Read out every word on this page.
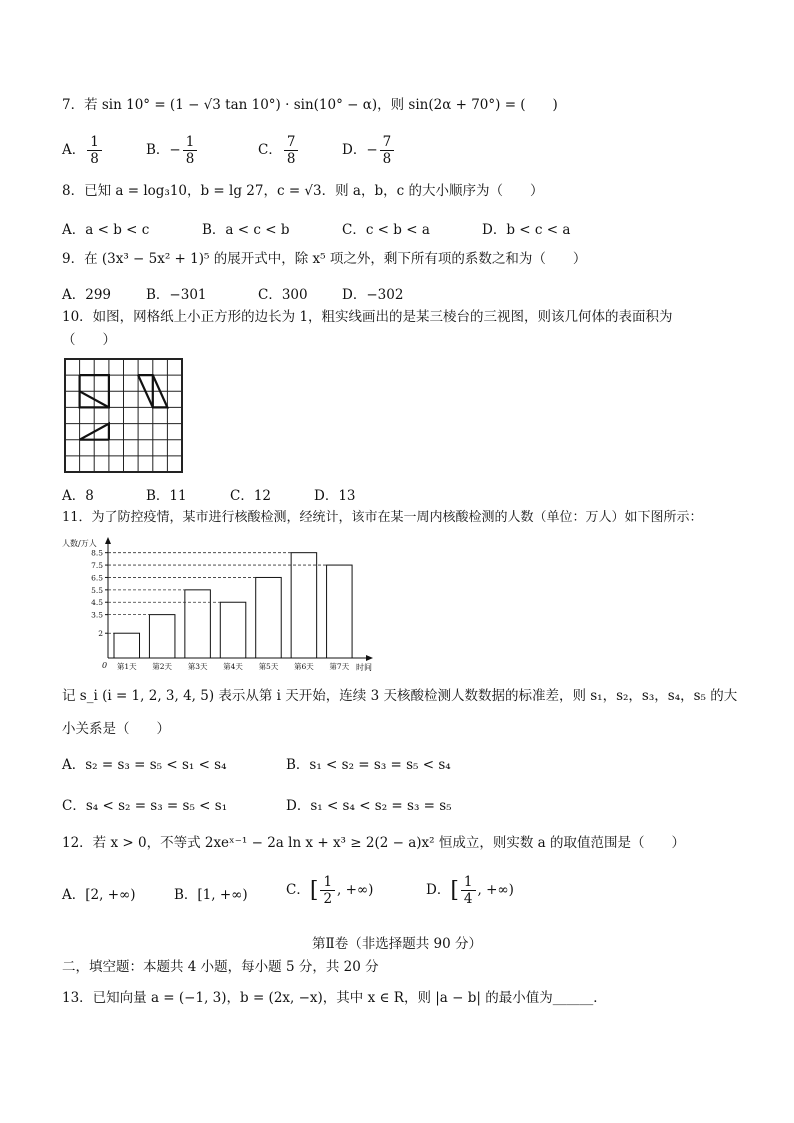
7．若 sin 10° = (1 − √3 tan 10°) · sin(10° − α)，则 sin(2α + 70°) = (　　)
A． $\frac{1}{8}$	B．− $\frac{1}{8}$	C． $\frac{7}{8}$	D．− $\frac{7}{8}$
8．已知 a = log₃10，b = lg 27，c = √3．则 a，b，c 的大小顺序为（　　）
A．a < b < c	B．a < c < b	C．c < b < a	D．b < c < a
9．在 (3x³ − 5x² + 1)⁵ 的展开式中，除 x⁵ 项之外，剩下所有项的系数之和为（　　）
A．299	B．−301	C．300	D．−302
10．如图，网格纸上小正方形的边长为 1，粗实线画出的是某三棱台的三视图，则该几何体的表面积为
（　　）
A．8	B．11	C．12	D．13
11．为了防控疫情，某市进行核酸检测，经统计，该市在某一周内核酸检测的人数（单位：万人）如下图所示：
人数/万人
时间
0 第1天 第2天 第3天 第4天 第5天 第6天 第7天
2
3.5
4.5
5.5
6.5
7.5
8.5
记 s_i (i = 1, 2, 3, 4, 5) 表示从第 i 天开始，连续 3 天核酸检测人数数据的标准差，则 s₁，s₂，s₃，s₄，s₅ 的大
小关系是（　　）
A．s₂ = s₃ = s₅ < s₁ < s₄	B．s₁ < s₂ = s₃ = s₅ < s₄
C．s₄ < s₂ = s₃ = s₅ < s₁	D．s₁ < s₄ < s₂ = s₃ = s₅
12．若 x > 0，不等式 2xeˣ⁻¹ − 2a ln x + x³ ≥ 2(2 − a)x² 恒成立，则实数 a 的取值范围是（　　）
A．[2, +∞)	B．[1, +∞)	C．[ $\frac{1}{2}$ , +∞)	D．[ $\frac{1}{4}$ , +∞)
第Ⅱ卷（非选择题共 90 分）
二，填空题：本题共 4 小题，每小题 5 分，共 20 分
13．已知向量 a = (−1, 3)，b = (2x, −x)，其中 x ∈ R，则 |a − b| 的最小值为______．
